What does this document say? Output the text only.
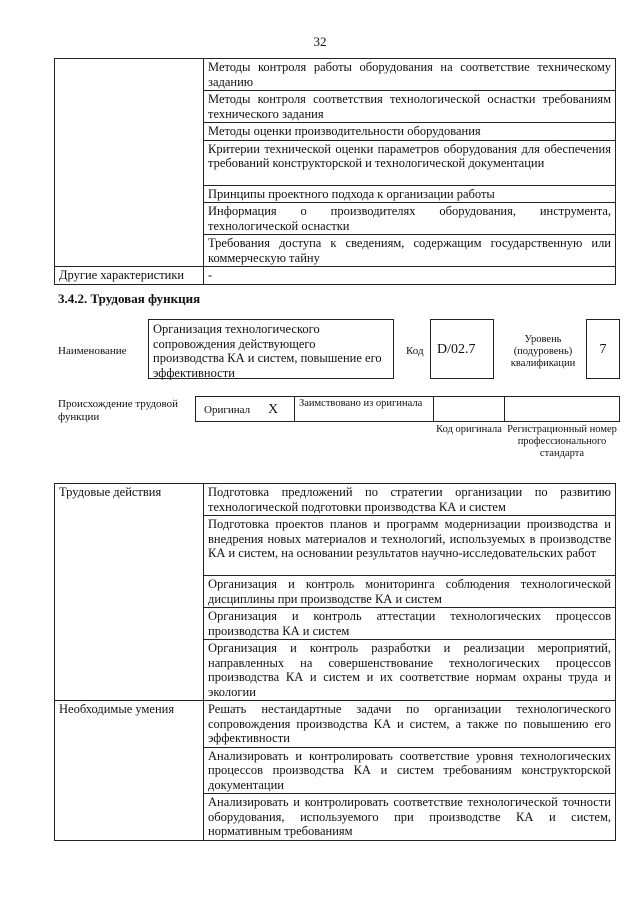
32
	Методы контроля работы оборудования на соответствие техническому заданию
	Методы контроля соответствия технологической оснастки требованиям технического задания
	Методы оценки производительности оборудования
	Критерии технической оценки параметров оборудования для обеспечения требований конструкторской и технологической документации
	Принципы проектного подхода к организации работы
	Информация о производителях оборудования, инструмента, технологической оснастки
	Требования доступа к сведениям, содержащим государственную или коммерческую тайну
Другие характеристики	-
3.4.2. Трудовая функция
Наименование
Организация технологического сопровождения действующего производства КА и систем, повышение его эффективности
Код D/02.7
Уровень (подуровень) квалификации
7
Происхождение трудовой функции
Оригинал X Заимствовано из оригинала
Код оригинала Регистрационный номер профессионального стандарта
Трудовые действия	Подготовка предложений по стратегии организации по развитию технологической подготовки производства КА и систем
	Подготовка проектов планов и программ модернизации производства и внедрения новых материалов и технологий, используемых в производстве КА и систем, на основании результатов научно-исследовательских работ
	Организация и контроль мониторинга соблюдения технологической дисциплины при производстве КА и систем
	Организация и контроль аттестации технологических процессов производства КА и систем
	Организация и контроль разработки и реализации мероприятий, направленных на совершенствование технологических процессов производства КА и систем и их соответствие нормам охраны труда и экологии
Необходимые умения	Решать нестандартные задачи по организации технологического сопровождения производства КА и систем, а также по повышению его эффективности
	Анализировать и контролировать соответствие уровня технологических процессов производства КА и систем требованиям конструкторской документации
	Анализировать и контролировать соответствие технологической точности оборудования, используемого при производстве КА и систем, нормативным требованиям
